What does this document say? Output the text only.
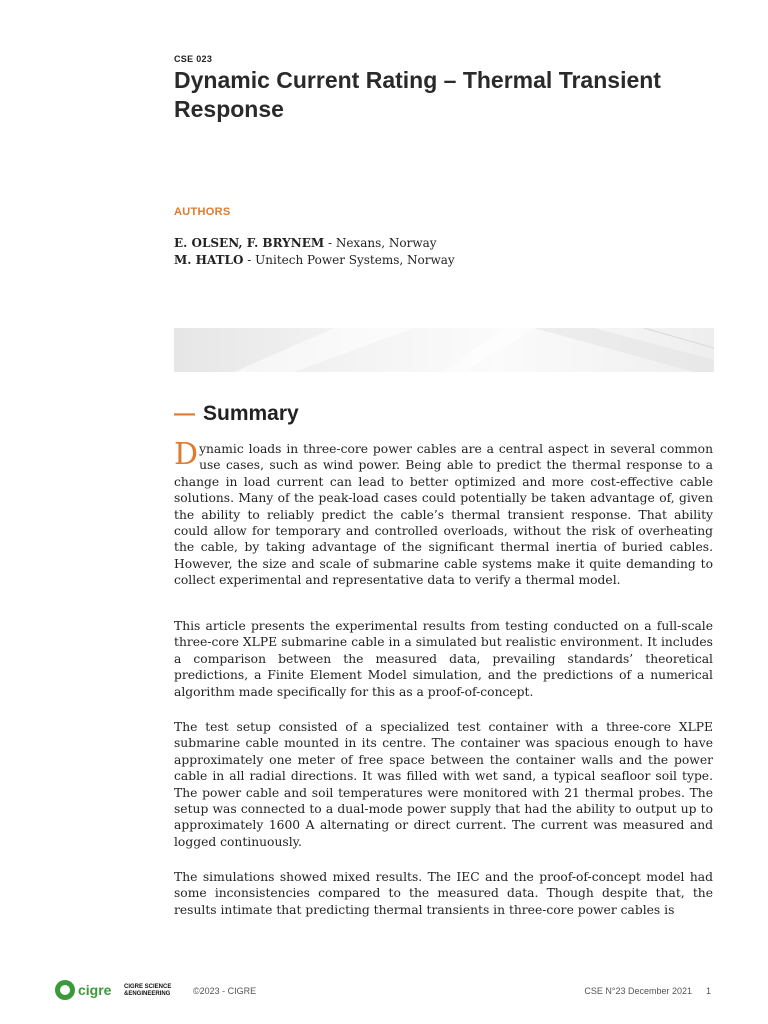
CSE 023
Dynamic Current Rating – Thermal Transient Response
AUTHORS
E. OLSEN, F. BRYNEM - Nexans, Norway
M. HATLO - Unitech Power Systems, Norway
— Summary

Dynamic loads in three-core power cables are a central aspect in several common use cases, such as wind power. Being able to predict the thermal response to a change in load current can lead to better optimized and more cost-effective cable solutions. Many of the peak-load cases could potentially be taken advantage of, given the ability to reliably predict the cable’s thermal transient response. That ability could allow for temporary and controlled overloads, without the risk of overheating the cable, by taking advantage of the significant thermal inertia of buried cables. However, the size and scale of submarine cable systems make it quite demanding to collect experimental and representative data to verify a thermal model.

This article presents the experimental results from testing conducted on a full-scale three-core XLPE submarine cable in a simulated but realistic environment. It includes a comparison between the measured data, prevailing standards’ theoretical predictions, a Finite Element Model simulation, and the predictions of a numerical algorithm made specifically for this as a proof-of-concept.

The test setup consisted of a specialized test container with a three-core XLPE submarine cable mounted in its centre. The container was spacious enough to have approximately one meter of free space between the container walls and the power cable in all radial directions. It was filled with wet sand, a typical seafloor soil type. The power cable and soil temperatures were monitored with 21 thermal probes. The setup was connected to a dual-mode power supply that had the ability to output up to approximately 1600 A alternating or direct current. The current was measured and logged continuously.

The simulations showed mixed results. The IEC and the proof-of-concept model had some inconsistencies compared to the measured data. Though despite that, the results intimate that predicting thermal transients in three-core power cables is

cigre CIGRE SCIENCE
&ENGINEERING	©2023 - CIGRE	CSE N°23 December 2021 1
